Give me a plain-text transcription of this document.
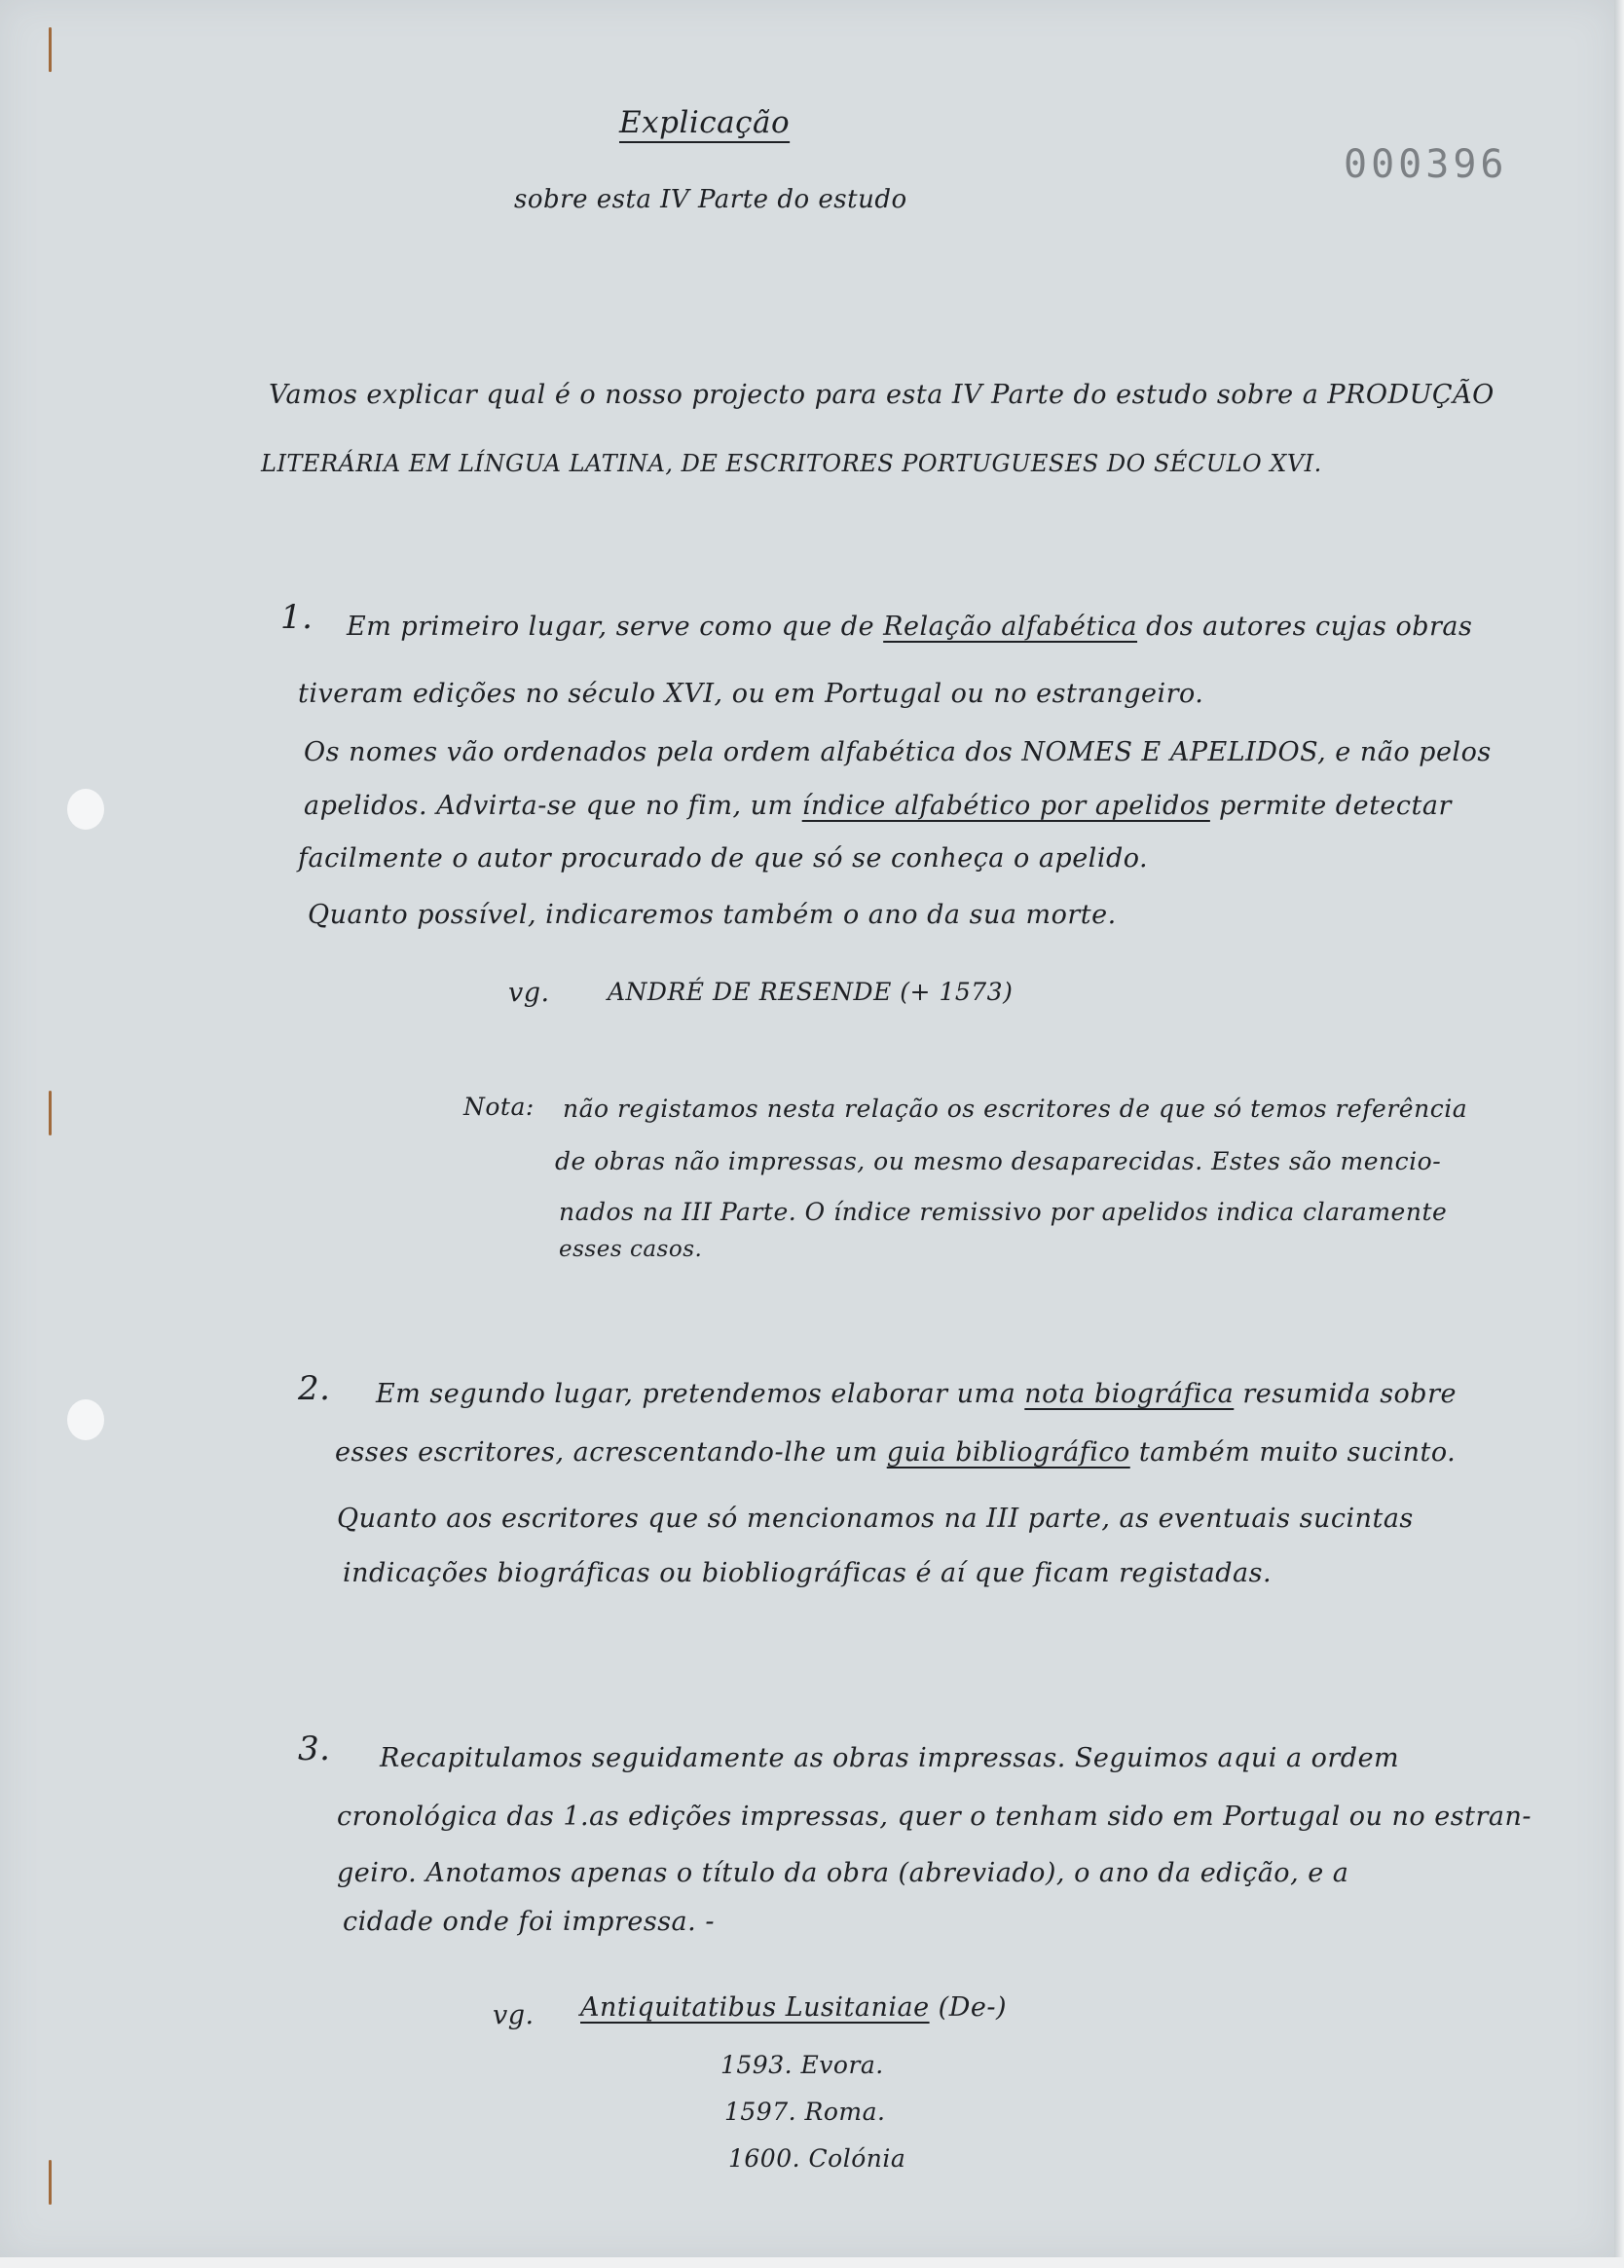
000396
Explicação
sobre esta IV Parte do estudo
Vamos explicar qual é o nosso projecto para esta IV Parte do estudo sobre a PRODUÇÃO
LITERÁRIA EM LÍNGUA LATINA, DE ESCRITORES PORTUGUESES DO SÉCULO XVI.
1. Em primeiro lugar, serve como que de Relação alfabética dos autores cujas obras
tiveram edições no século XVI, ou em Portugal ou no estrangeiro.
Os nomes vão ordenados pela ordem alfabética dos NOMES E APELIDOS, e não pelos
apelidos. Advirta-se que no fim, um índice alfabético por apelidos permite detectar
facilmente o autor procurado de que só se conheça o apelido.
Quanto possível, indicaremos também o ano da sua morte.
vg. ANDRÉ DE RESENDE (+ 1573)
Nota: não registamos nesta relação os escritores de que só temos referência
de obras não impressas, ou mesmo desaparecidas. Estes são mencio-
nados na III Parte. O índice remissivo por apelidos indica claramente
esses casos.
2. Em segundo lugar, pretendemos elaborar uma nota biográfica resumida sobre
esses escritores, acrescentando-lhe um guia bibliográfico também muito sucinto.
Quanto aos escritores que só mencionamos na III parte, as eventuais sucintas
indicações biográficas ou biobliográficas é aí que ficam registadas.
3. Recapitulamos seguidamente as obras impressas. Seguimos aqui a ordem
cronológica das 1.as edições impressas, quer o tenham sido em Portugal ou no estran-
geiro. Anotamos apenas o título da obra (abreviado), o ano da edição, e a
cidade onde foi impressa. -
vg. Antiquitatibus Lusitaniae (De-)
1593. Evora.
1597. Roma.
1600. Colónia
